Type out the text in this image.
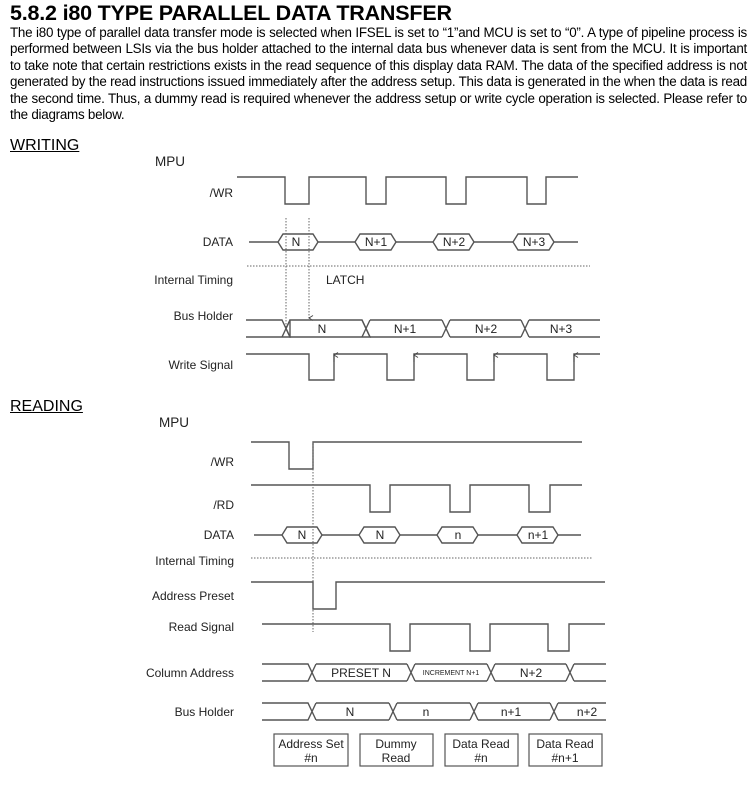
5.8.2 i80 TYPE PARALLEL DATA TRANSFER

The i80 type of parallel data transfer mode is selected when IFSEL is set to “1”and MCU is set to “0”. A type of pipeline process is performed between LSIs via the bus holder attached to the internal data bus whenever data is sent from the MCU. It is important to take note that certain restrictions exists in the read sequence of this display data RAM. The data of the specified address is not generated by the read instructions issued immediately after the address setup. This data is generated in the when the data is read the second time. Thus, a dummy read is required whenever the address setup or write cycle operation is selected. Please refer to the diagrams below.

WRITING
READING
MPU
/WR
DATA	N	N+1	N+2	N+3
Internal Timing	LATCH
Bus Holder
N	N+1	N+2	N+3
Write Signal
MPU
/WR
/RD
DATA	N	N	n	n+1
Internal Timing
Address Preset
Read Signal
Column Address	PRESET N	INCREMENT N+1	N+2
Bus Holder	N	n	n+1	n+2
Address Set
#n
Dummy
Read
Data Read
#n
Data Read
#n+1
